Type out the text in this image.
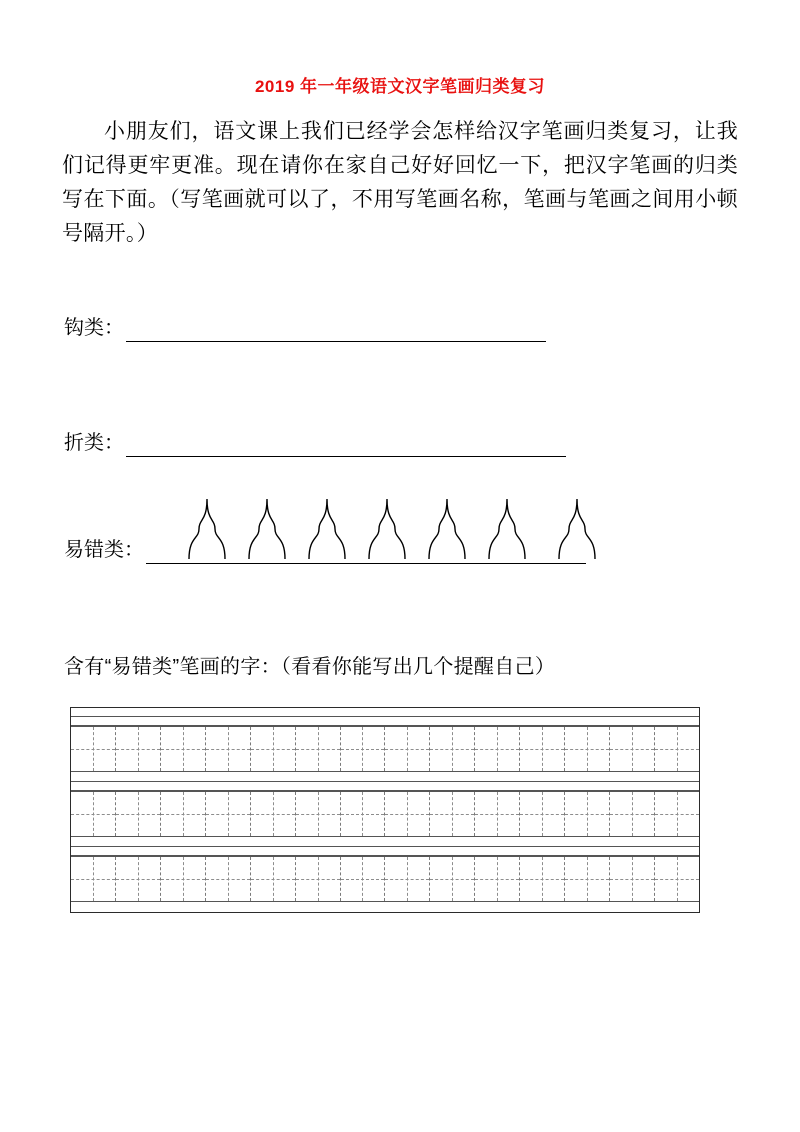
2019 年一年级语文汉字笔画归类复习

小朋友们，语文课上我们已经学会怎样给汉字笔画归类复习，让我们记得更牢更准。现在请你在家自己好好回忆一下，把汉字笔画的归类写在下面。（写笔画就可以了，不用写笔画名称，笔画与笔画之间用小顿号隔开。）

钩类：
折类：
易错类：
含有“易错类”笔画的字：（看看你能写出几个提醒自己）
